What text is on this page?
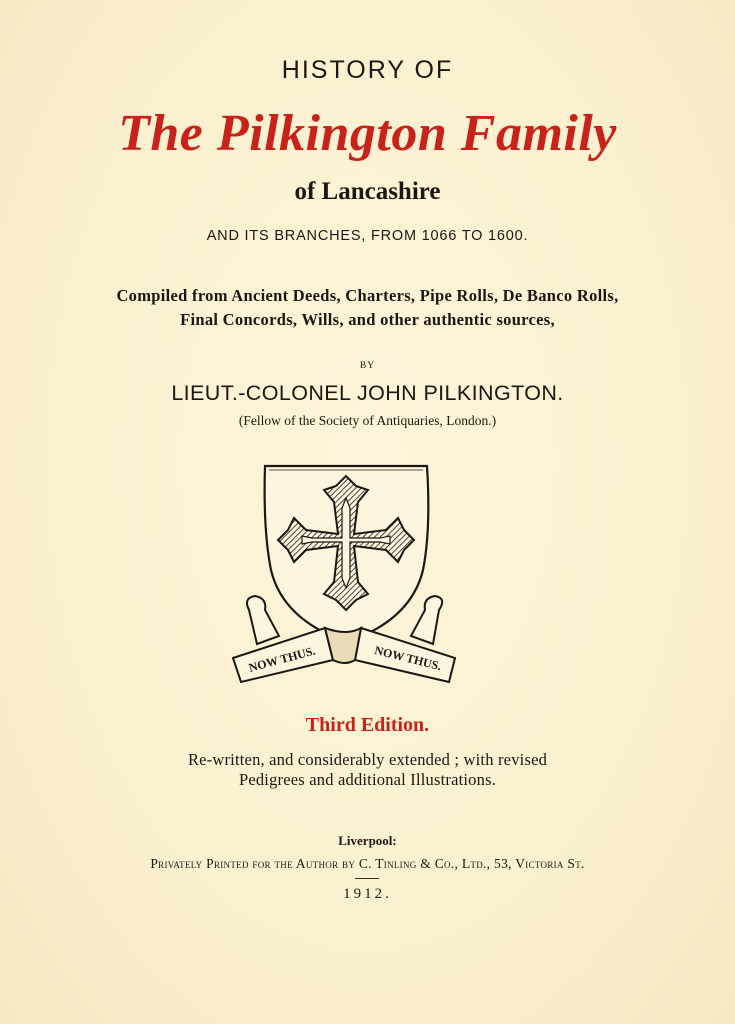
HISTORY OF
The Pilkington Family
of Lancashire
AND ITS BRANCHES, FROM 1066 TO 1600.
Compiled from Ancient Deeds, Charters, Pipe Rolls, De Banco Rolls,
Final Concords, Wills, and other authentic sources,
BY
LIEUT.-COLONEL JOHN PILKINGTON.
(Fellow of the Society of Antiquaries, London.)
NOW THUS.	NOW THUS.
Third Edition.
Re-written, and considerably extended ; with revised
Pedigrees and additional Illustrations.
Liverpool:
Privately Printed for the Author by C. Tinling & Co., Ltd., 53, Victoria St.
1912.
